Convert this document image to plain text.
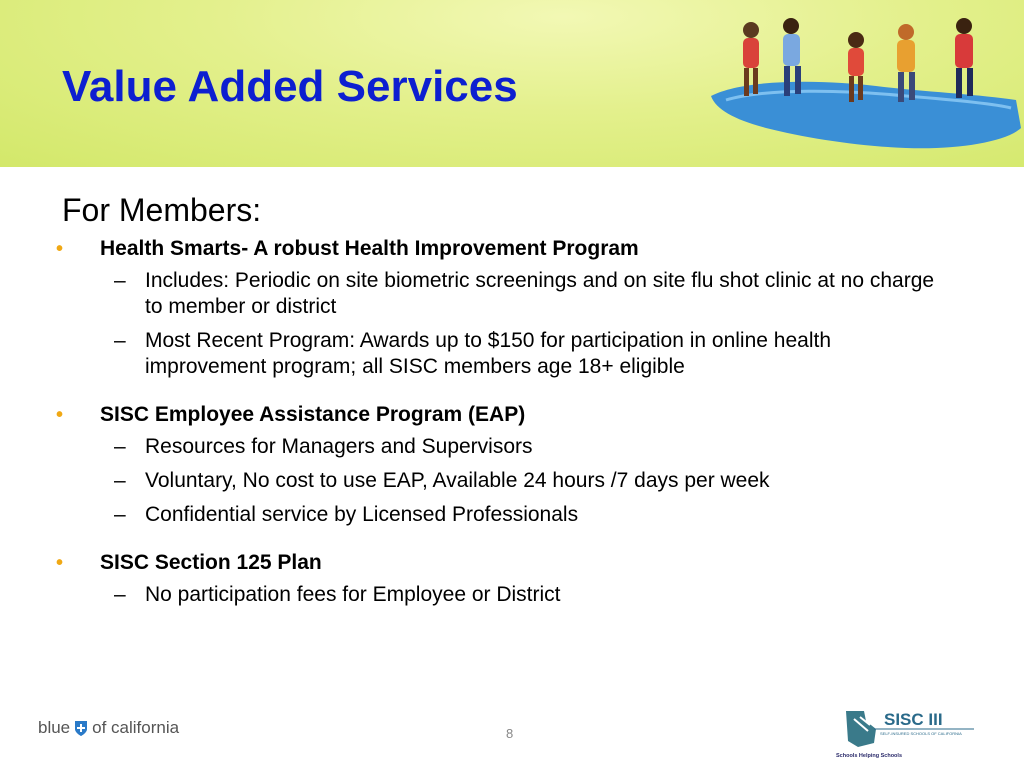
Value Added Services
For Members:
• Health Smarts- A robust Health Improvement Program
– Includes: Periodic on site biometric screenings and on site flu shot clinic at no charge to member or district
– Most Recent Program: Awards up to $150 for participation in online health improvement program; all SISC members age 18+ eligible
• SISC Employee Assistance Program (EAP)
– Resources for Managers and Supervisors
– Voluntary, No cost to use EAP, Available 24 hours /7 days per week
– Confidential service by Licensed Professionals
• SISC Section 125 Plan
– No participation fees for Employee or District
blue of california	8
SISC III
SELF-INSURED SCHOOLS OF CALIFORNIA
Schools Helping Schools
